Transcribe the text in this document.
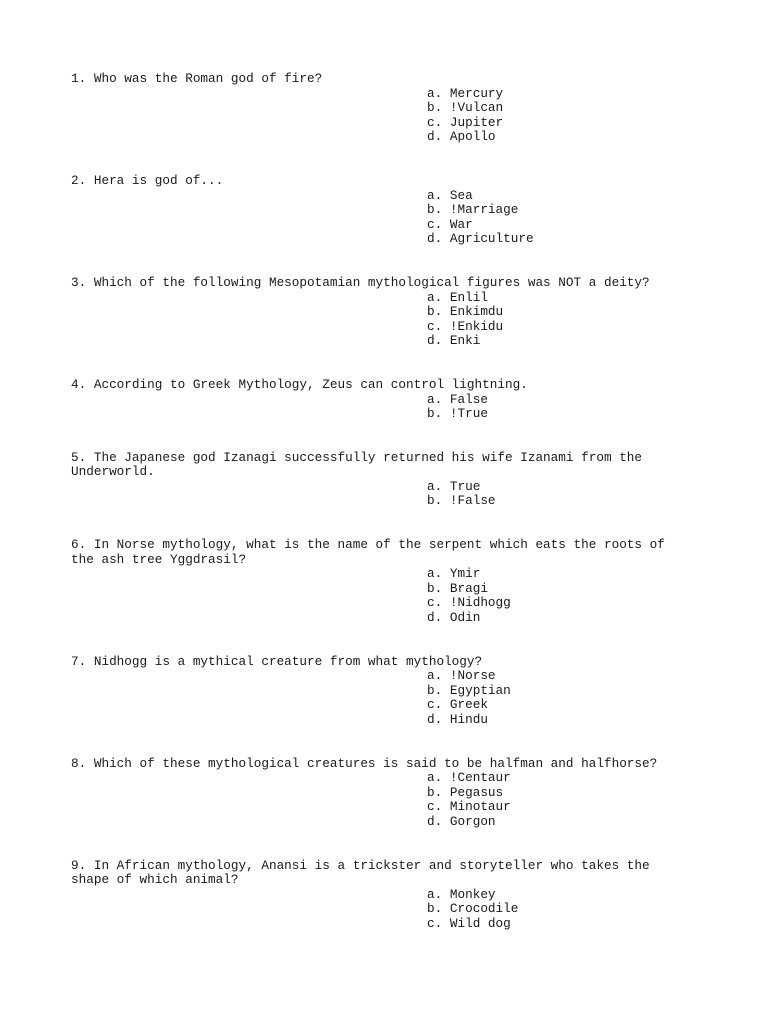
1. Who was the Roman god of fire?
a. Mercury
b. !Vulcan
c. Jupiter
d. Apollo
2. Hera is god of...
a. Sea
b. !Marriage
c. War
d. Agriculture
3. Which of the following Mesopotamian mythological figures was NOT a deity?
a. Enlil
b. Enkimdu
c. !Enkidu
d. Enki
4. According to Greek Mythology, Zeus can control lightning.
a. False
b. !True
5. The Japanese god Izanagi successfully returned his wife Izanami from the Underworld.
a. True
b. !False
6. In Norse mythology, what is the name of the serpent which eats the roots of the ash tree Yggdrasil?
a. Ymir
b. Bragi
c. !Nidhogg
d. Odin
7. Nidhogg is a mythical creature from what mythology?
a. !Norse
b. Egyptian
c. Greek
d. Hindu
8. Which of these mythological creatures is said to be halfman and halfhorse?
a. !Centaur
b. Pegasus
c. Minotaur
d. Gorgon
9. In African mythology, Anansi is a trickster and storyteller who takes the shape of which animal?
a. Monkey
b. Crocodile
c. Wild dog
